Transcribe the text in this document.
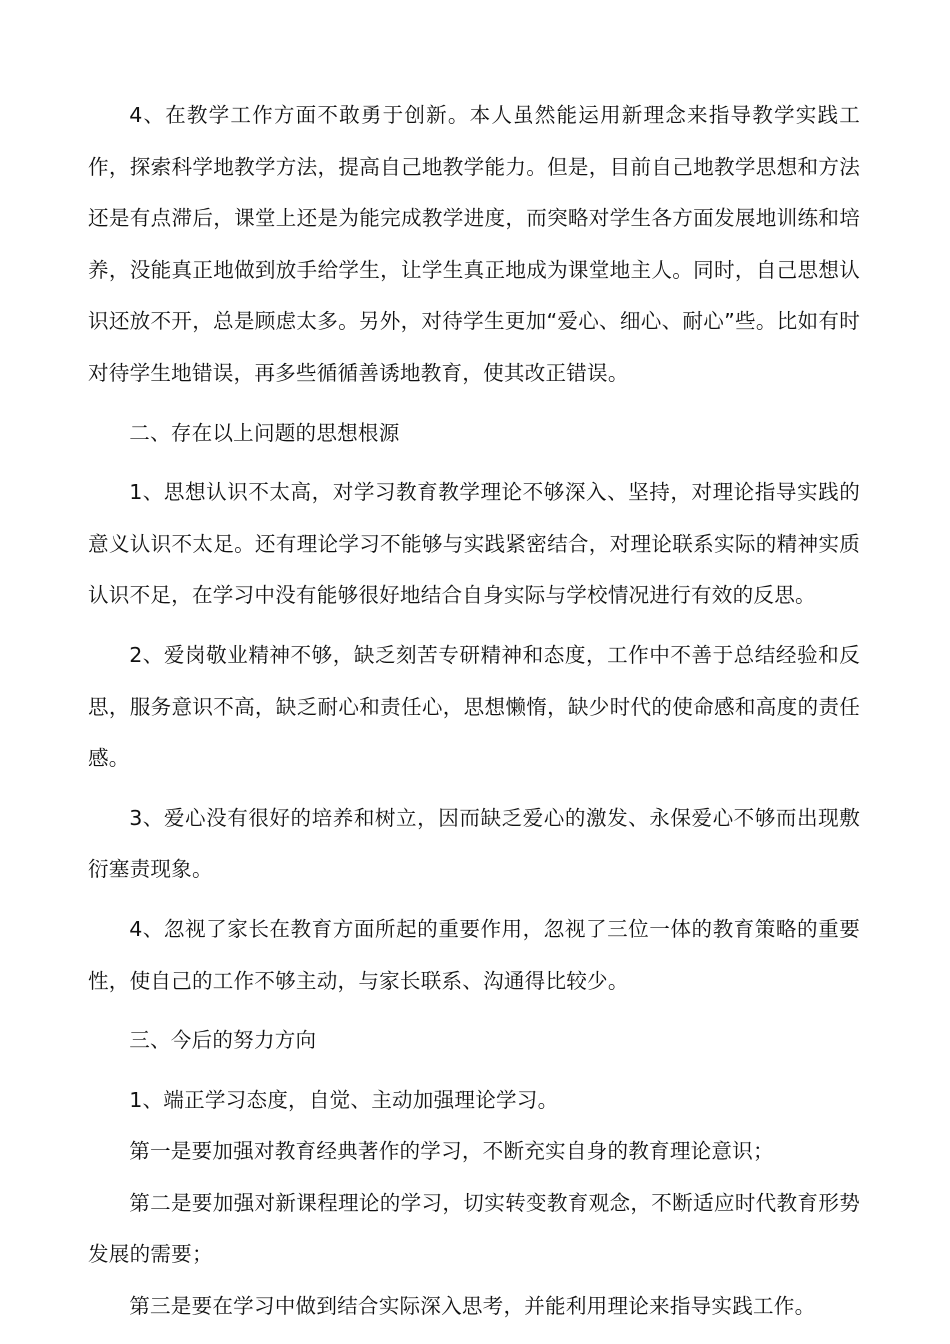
4、在教学工作方面不敢勇于创新。本人虽然能运用新理念来指导教学实践工作，探索科学地教学方法，提高自己地教学能力。但是，目前自己地教学思想和方法还是有点滞后，课堂上还是为能完成教学进度，而突略对学生各方面发展地训练和培养，没能真正地做到放手给学生，让学生真正地成为课堂地主人。同时，自己思想认识还放不开，总是顾虑太多。另外，对待学生更加“爱心、细心、耐心”些。比如有时对待学生地错误，再多些循循善诱地教育，使其改正错误。

二、存在以上问题的思想根源

1、思想认识不太高，对学习教育教学理论不够深入、坚持，对理论指导实践的意义认识不太足。还有理论学习不能够与实践紧密结合，对理论联系实际的精神实质认识不足，在学习中没有能够很好地结合自身实际与学校情况进行有效的反思。

2、爱岗敬业精神不够，缺乏刻苦专研精神和态度，工作中不善于总结经验和反思，服务意识不高，缺乏耐心和责任心，思想懒惰，缺少时代的使命感和高度的责任感。

3、爱心没有很好的培养和树立，因而缺乏爱心的激发、永保爱心不够而出现敷衍塞责现象。

4、忽视了家长在教育方面所起的重要作用，忽视了三位一体的教育策略的重要性，使自己的工作不够主动，与家长联系、沟通得比较少。

三、今后的努力方向

1、端正学习态度，自觉、主动加强理论学习。

第一是要加强对教育经典著作的学习，不断充实自身的教育理论意识；

第二是要加强对新课程理论的学习，切实转变教育观念，不断适应时代教育形势发展的需要；

第三是要在学习中做到结合实际深入思考，并能利用理论来指导实践工作。
